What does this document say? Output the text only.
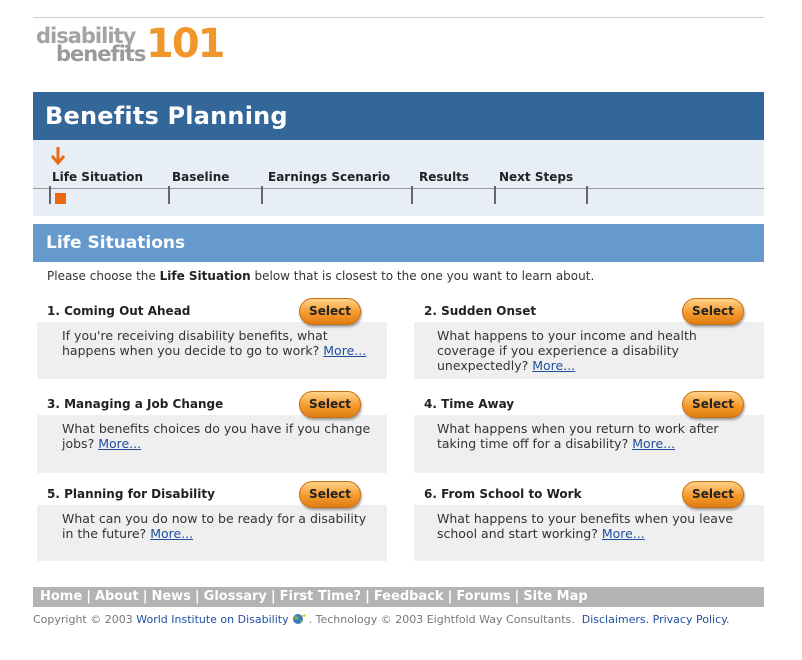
disability
benefits 101
Benefits Planning
Life Situation Baseline	Earnings Scenario Results Next Steps
Life Situations
Please choose the Life Situation below that is closest to the one you want to learn about.
1. Coming Out Ahead	Select
If you're receiving disability benefits, what happens when you decide to go to work? More...
2. Sudden Onset	Select
What happens to your income and health coverage if you experience a disability unexpectedly? More...
3. Managing a Job Change	Select
What benefits choices do you have if you change jobs? More...
4. Time Away	Select
What happens when you return to work after taking time off for a disability? More...
5. Planning for Disability	Select
What can you do now to be ready for a disability in the future? More...
6. From School to Work	Select
What happens to your benefits when you leave school and start working? More...
Home | About | News | Glossary | First Time? | Feedback | Forums | Site Map
Copyright © 2003 World Institute on Disability . Technology © 2003 Eightfold Way Consultants. Disclaimers. Privacy Policy.
